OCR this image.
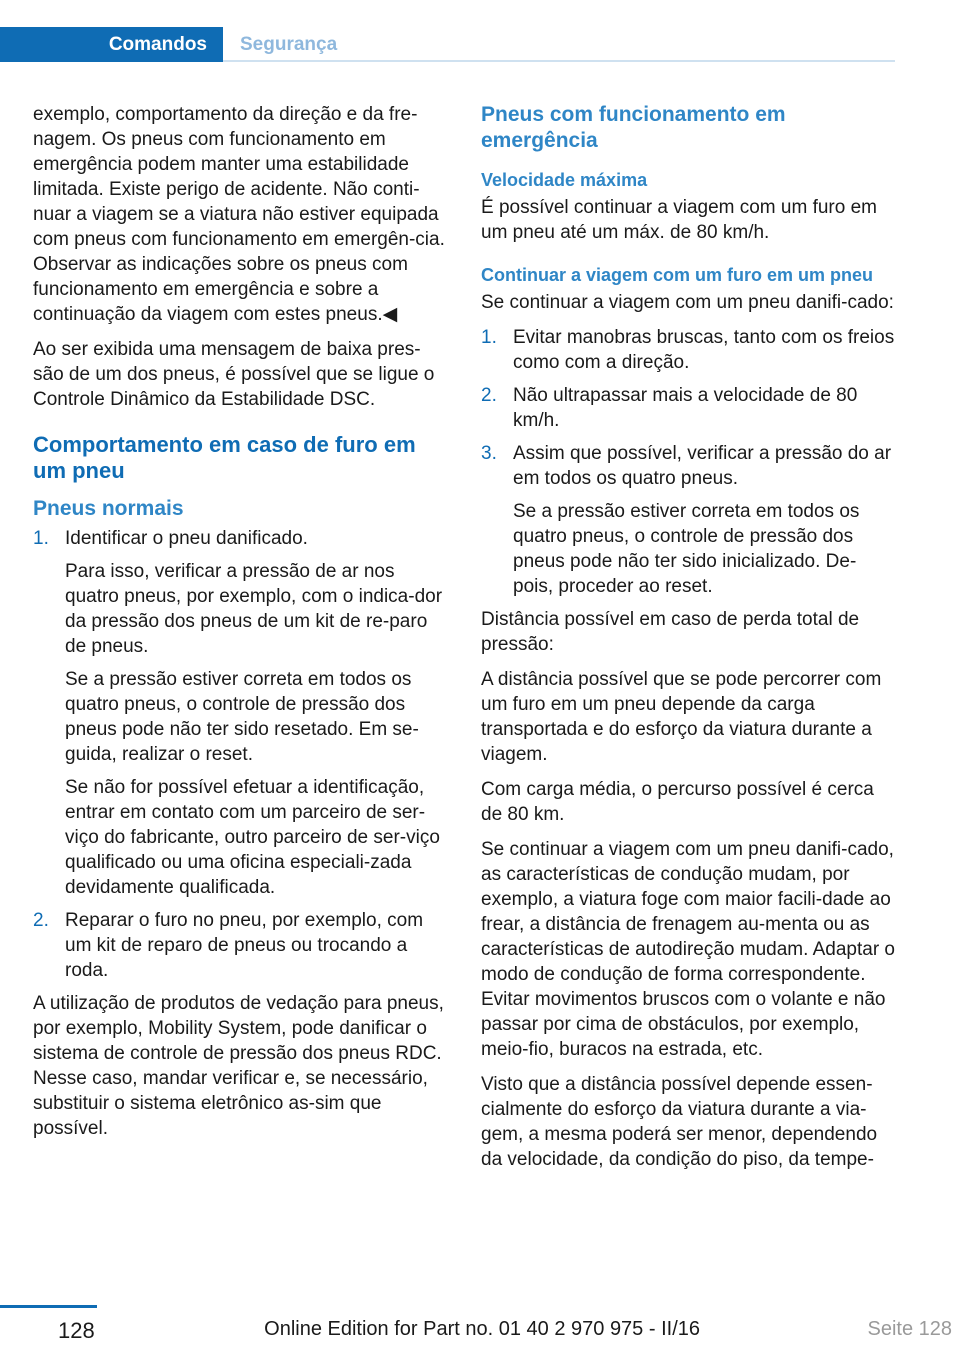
Comandos	Segurança

exemplo, comportamento da direção e da fre‐nagem. Os pneus com funcionamento em emergência podem manter uma estabilidade limitada. Existe perigo de acidente. Não conti‐nuar a viagem se a viatura não estiver equipada com pneus com funcionamento em emergên‐cia. Observar as indicações sobre os pneus com funcionamento em emergência e sobre a continuação da viagem com estes pneus.◀

Ao ser exibida uma mensagem de baixa pres‐são de um dos pneus, é possível que se ligue o Controle Dinâmico da Estabilidade DSC.

Comportamento em caso de furo em um pneu
Pneus normais
1. Identificar o pneu danificado.

Para isso, verificar a pressão de ar nos quatro pneus, por exemplo, com o indica‐dor da pressão dos pneus de um kit de re‐paro de pneus.

Se a pressão estiver correta em todos os quatro pneus, o controle de pressão dos pneus pode não ter sido resetado. Em se‐guida, realizar o reset.

Se não for possível efetuar a identificação, entrar em contato com um parceiro de ser‐viço do fabricante, outro parceiro de ser‐viço qualificado ou uma oficina especiali‐zada devidamente qualificada.

2. Reparar o furo no pneu, por exemplo, com um kit de reparo de pneus ou trocando a roda.

A utilização de produtos de vedação para pneus, por exemplo, Mobility System, pode danificar o sistema de controle de pressão dos pneus RDC. Nesse caso, mandar verificar e, se necessário, substituir o sistema eletrônico as‐sim que possível.

Pneus com funcionamento em emergência
Velocidade máxima

É possível continuar a viagem com um furo em um pneu até um máx. de 80 km/h.

Continuar a viagem com um furo em um pneu

Se continuar a viagem com um pneu danifi‐cado:

1. Evitar manobras bruscas, tanto com os freios como com a direção.

2. Não ultrapassar mais a velocidade de 80 km/h.

3. Assim que possível, verificar a pressão do ar em todos os quatro pneus.

Se a pressão estiver correta em todos os quatro pneus, o controle de pressão dos pneus pode não ter sido inicializado. De‐pois, proceder ao reset.

Distância possível em caso de perda total de pressão:

A distância possível que se pode percorrer com um furo em um pneu depende da carga transportada e do esforço da viatura durante a viagem.

Com carga média, o percurso possível é cerca de 80 km.

Se continuar a viagem com um pneu danifi‐cado, as características de condução mudam, por exemplo, a viatura foge com maior facili‐dade ao frear, a distância de frenagem au‐menta ou as características de autodireção mudam. Adaptar o modo de condução de forma correspondente. Evitar movimentos bruscos com o volante e não passar por cima de obstáculos, por exemplo, meio-fio, buracos na estrada, etc.

Visto que a distância possível depende essen‐cialmente do esforço da viatura durante a via‐gem, a mesma poderá ser menor, dependendo da velocidade, da condição do piso, da tempe‐

128	Online Edition for Part no. 01 40 2 970 975 - II/16	Seite 128
